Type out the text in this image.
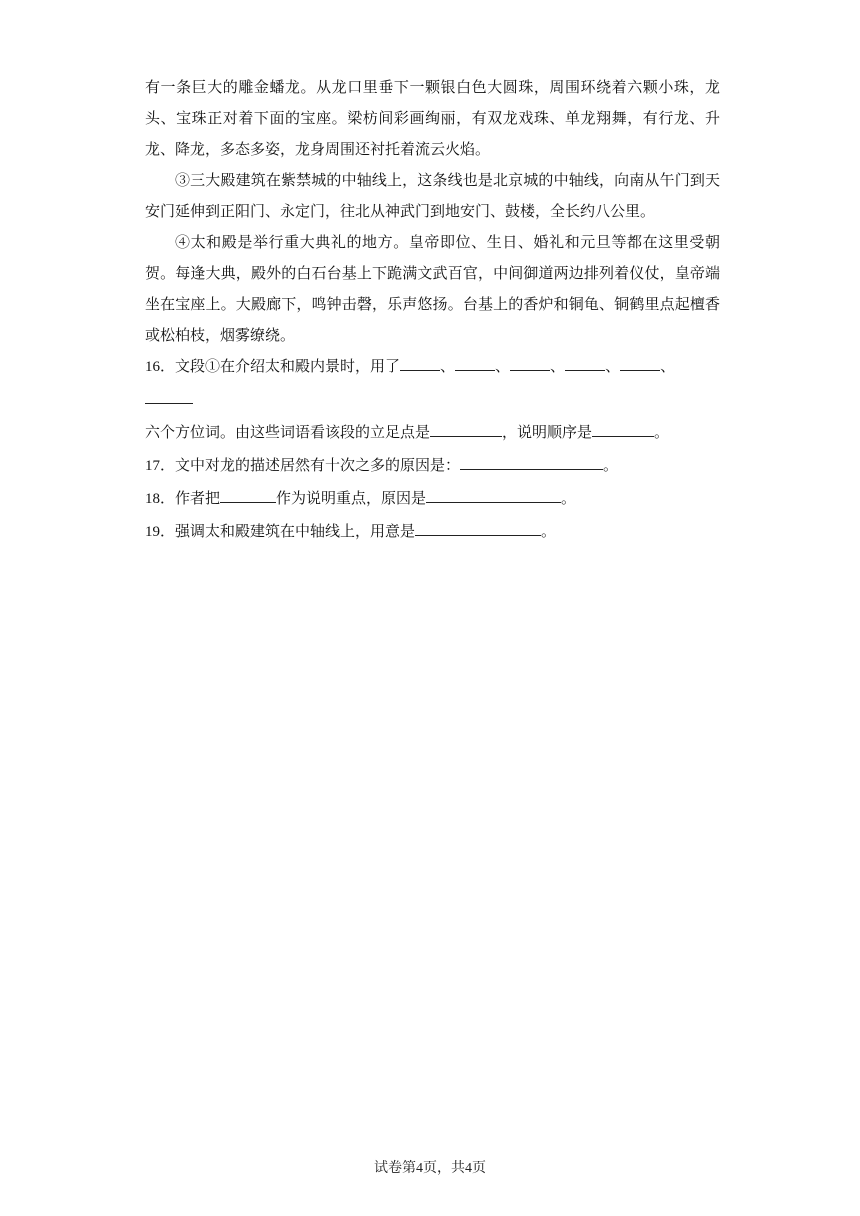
有一条巨大的雕金蟠龙。从龙口里垂下一颗银白色大圆珠，周围环绕着六颗小珠，龙头、宝珠正对着下面的宝座。梁枋间彩画绚丽，有双龙戏珠、单龙翔舞，有行龙、升龙、降龙，多态多姿，龙身周围还衬托着流云火焰。

③三大殿建筑在紫禁城的中轴线上，这条线也是北京城的中轴线，向南从午门到天安门延伸到正阳门、永定门，往北从神武门到地安门、鼓楼，全长约八公里。

④太和殿是举行重大典礼的地方。皇帝即位、生日、婚礼和元旦等都在这里受朝贺。每逢大典，殿外的白石台基上下跪满文武百官，中间御道两边排列着仪仗，皇帝端坐在宝座上。大殿廊下，鸣钟击磬，乐声悠扬。台基上的香炉和铜龟、铜鹤里点起檀香或松柏枝，烟雾缭绕。

16．文段①在介绍太和殿内景时，用了	、	、	、	、	、
六个方位词。由这些词语看该段的立足点是	，说明顺序是	。

17．文中对龙的描述居然有十次之多的原因是：	。

18．作者把	作为说明重点，原因是	。

19．强调太和殿建筑在中轴线上，用意是	。

试卷第4页，共4页
